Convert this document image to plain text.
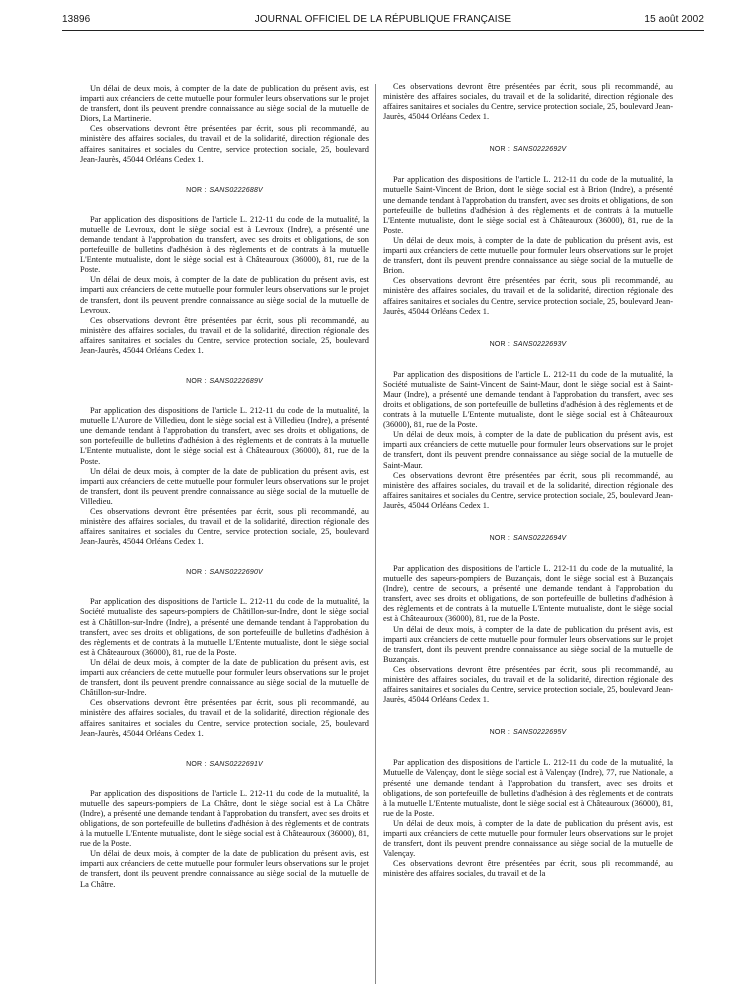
13896	JOURNAL OFFICIEL DE LA RÉPUBLIQUE FRANÇAISE	15 août 2002

Un délai de deux mois, à compter de la date de publication du présent avis, est imparti aux créanciers de cette mutuelle pour formuler leurs observations sur le projet de transfert, dont ils peuvent prendre connaissance au siège social de la mutuelle de Diors, La Martinerie.

Ces observations devront être présentées par écrit, sous pli recommandé, au ministère des affaires sociales, du travail et de la solidarité, direction régionale des affaires sanitaires et sociales du Centre, service protection sociale, 25, boulevard Jean-Jaurès, 45044 Orléans Cedex 1.

NOR : SANS0222688V

Par application des dispositions de l'article L. 212-11 du code de la mutualité, la mutuelle de Levroux, dont le siège social est à Levroux (Indre), a présenté une demande tendant à l'approbation du transfert, avec ses droits et obligations, de son portefeuille de bulletins d'adhésion à des règlements et de contrats à la mutuelle L'Entente mutualiste, dont le siège social est à Châteauroux (36000), 81, rue de la Poste.

Un délai de deux mois, à compter de la date de publication du présent avis, est imparti aux créanciers de cette mutuelle pour formuler leurs observations sur le projet de transfert, dont ils peuvent prendre connaissance au siège social de la mutuelle de Levroux.

Ces observations devront être présentées par écrit, sous pli recommandé, au ministère des affaires sociales, du travail et de la solidarité, direction régionale des affaires sanitaires et sociales du Centre, service protection sociale, 25, boulevard Jean-Jaurès, 45044 Orléans Cedex 1.

NOR : SANS0222689V

Par application des dispositions de l'article L. 212-11 du code de la mutualité, la mutuelle L'Aurore de Villedieu, dont le siège social est à Villedieu (Indre), a présenté une demande tendant à l'approbation du transfert, avec ses droits et obligations, de son portefeuille de bulletins d'adhésion à des règlements et de contrats à la mutuelle L'Entente mutualiste, dont le siège social est à Châteauroux (36000), 81, rue de la Poste.

Un délai de deux mois, à compter de la date de publication du présent avis, est imparti aux créanciers de cette mutuelle pour formuler leurs observations sur le projet de transfert, dont ils peuvent prendre connaissance au siège social de la mutuelle de Villedieu.

Ces observations devront être présentées par écrit, sous pli recommandé, au ministère des affaires sociales, du travail et de la solidarité, direction régionale des affaires sanitaires et sociales du Centre, service protection sociale, 25, boulevard Jean-Jaurès, 45044 Orléans Cedex 1.

NOR : SANS0222690V

Par application des dispositions de l'article L. 212-11 du code de la mutualité, la Société mutualiste des sapeurs-pompiers de Châtillon-sur-Indre, dont le siège social est à Châtillon-sur-Indre (Indre), a présenté une demande tendant à l'approbation du transfert, avec ses droits et obligations, de son portefeuille de bulletins d'adhésion à des règlements et de contrats à la mutuelle L'Entente mutualiste, dont le siège social est à Châteauroux (36000), 81, rue de la Poste.

Un délai de deux mois, à compter de la date de publication du présent avis, est imparti aux créanciers de cette mutuelle pour formuler leurs observations sur le projet de transfert, dont ils peuvent prendre connaissance au siège social de la mutuelle de Châtillon-sur-Indre.

Ces observations devront être présentées par écrit, sous pli recommandé, au ministère des affaires sociales, du travail et de la solidarité, direction régionale des affaires sanitaires et sociales du Centre, service protection sociale, 25, boulevard Jean-Jaurès, 45044 Orléans Cedex 1.

NOR : SANS0222691V

Par application des dispositions de l'article L. 212-11 du code de la mutualité, la mutuelle des sapeurs-pompiers de La Châtre, dont le siège social est à La Châtre (Indre), a présenté une demande tendant à l'approbation du transfert, avec ses droits et obligations, de son portefeuille de bulletins d'adhésion à des règlements et de contrats à la mutuelle L'Entente mutualiste, dont le siège social est à Châteauroux (36000), 81, rue de la Poste.

Un délai de deux mois, à compter de la date de publication du présent avis, est imparti aux créanciers de cette mutuelle pour formuler leurs observations sur le projet de transfert, dont ils peuvent prendre connaissance au siège social de la mutuelle de La Châtre.

Ces observations devront être présentées par écrit, sous pli recommandé, au ministère des affaires sociales, du travail et de la solidarité, direction régionale des affaires sanitaires et sociales du Centre, service protection sociale, 25, boulevard Jean-Jaurès, 45044 Orléans Cedex 1.

NOR : SANS0222692V

Par application des dispositions de l'article L. 212-11 du code de la mutualité, la mutuelle Saint-Vincent de Brion, dont le siège social est à Brion (Indre), a présenté une demande tendant à l'approbation du transfert, avec ses droits et obligations, de son portefeuille de bulletins d'adhésion à des règlements et de contrats à la mutuelle L'Entente mutualiste, dont le siège social est à Châteauroux (36000), 81, rue de la Poste.

Un délai de deux mois, à compter de la date de publication du présent avis, est imparti aux créanciers de cette mutuelle pour formuler leurs observations sur le projet de transfert, dont ils peuvent prendre connaissance au siège social de la mutuelle de Brion.

Ces observations devront être présentées par écrit, sous pli recommandé, au ministère des affaires sociales, du travail et de la solidarité, direction régionale des affaires sanitaires et sociales du Centre, service protection sociale, 25, boulevard Jean-Jaurès, 45044 Orléans Cedex 1.

NOR : SANS0222693V

Par application des dispositions de l'article L. 212-11 du code de la mutualité, la Société mutualiste de Saint-Vincent de Saint-Maur, dont le siège social est à Saint-Maur (Indre), a présenté une demande tendant à l'approbation du transfert, avec ses droits et obligations, de son portefeuille de bulletins d'adhésion à des règlements et de contrats à la mutuelle L'Entente mutualiste, dont le siège social est à Châteauroux (36000), 81, rue de la Poste.

Un délai de deux mois, à compter de la date de publication du présent avis, est imparti aux créanciers de cette mutuelle pour formuler leurs observations sur le projet de transfert, dont ils peuvent prendre connaissance au siège social de la mutuelle de Saint-Maur.

Ces observations devront être présentées par écrit, sous pli recommandé, au ministère des affaires sociales, du travail et de la solidarité, direction régionale des affaires sanitaires et sociales du Centre, service protection sociale, 25, boulevard Jean-Jaurès, 45044 Orléans Cedex 1.

NOR : SANS0222694V

Par application des dispositions de l'article L. 212-11 du code de la mutualité, la mutuelle des sapeurs-pompiers de Buzançais, dont le siège social est à Buzançais (Indre), centre de secours, a présenté une demande tendant à l'approbation du transfert, avec ses droits et obligations, de son portefeuille de bulletins d'adhésion à des règlements et de contrats à la mutuelle L'Entente mutualiste, dont le siège social est à Châteauroux (36000), 81, rue de la Poste.

Un délai de deux mois, à compter de la date de publication du présent avis, est imparti aux créanciers de cette mutuelle pour formuler leurs observations sur le projet de transfert, dont ils peuvent prendre connaissance au siège social de la mutuelle de Buzançais.

Ces observations devront être présentées par écrit, sous pli recommandé, au ministère des affaires sociales, du travail et de la solidarité, direction régionale des affaires sanitaires et sociales du Centre, service protection sociale, 25, boulevard Jean-Jaurès, 45044 Orléans Cedex 1.

NOR : SANS0222695V

Par application des dispositions de l'article L. 212-11 du code de la mutualité, la Mutuelle de Valençay, dont le siège social est à Valençay (Indre), 77, rue Nationale, a présenté une demande tendant à l'approbation du transfert, avec ses droits et obligations, de son portefeuille de bulletins d'adhésion à des règlements et de contrats à la mutuelle L'Entente mutualiste, dont le siège social est à Châteauroux (36000), 81, rue de la Poste.

Un délai de deux mois, à compter de la date de publication du présent avis, est imparti aux créanciers de cette mutuelle pour formuler leurs observations sur le projet de transfert, dont ils peuvent prendre connaissance au siège social de la mutuelle de Valençay.

Ces observations devront être présentées par écrit, sous pli recommandé, au ministère des affaires sociales, du travail et de la
